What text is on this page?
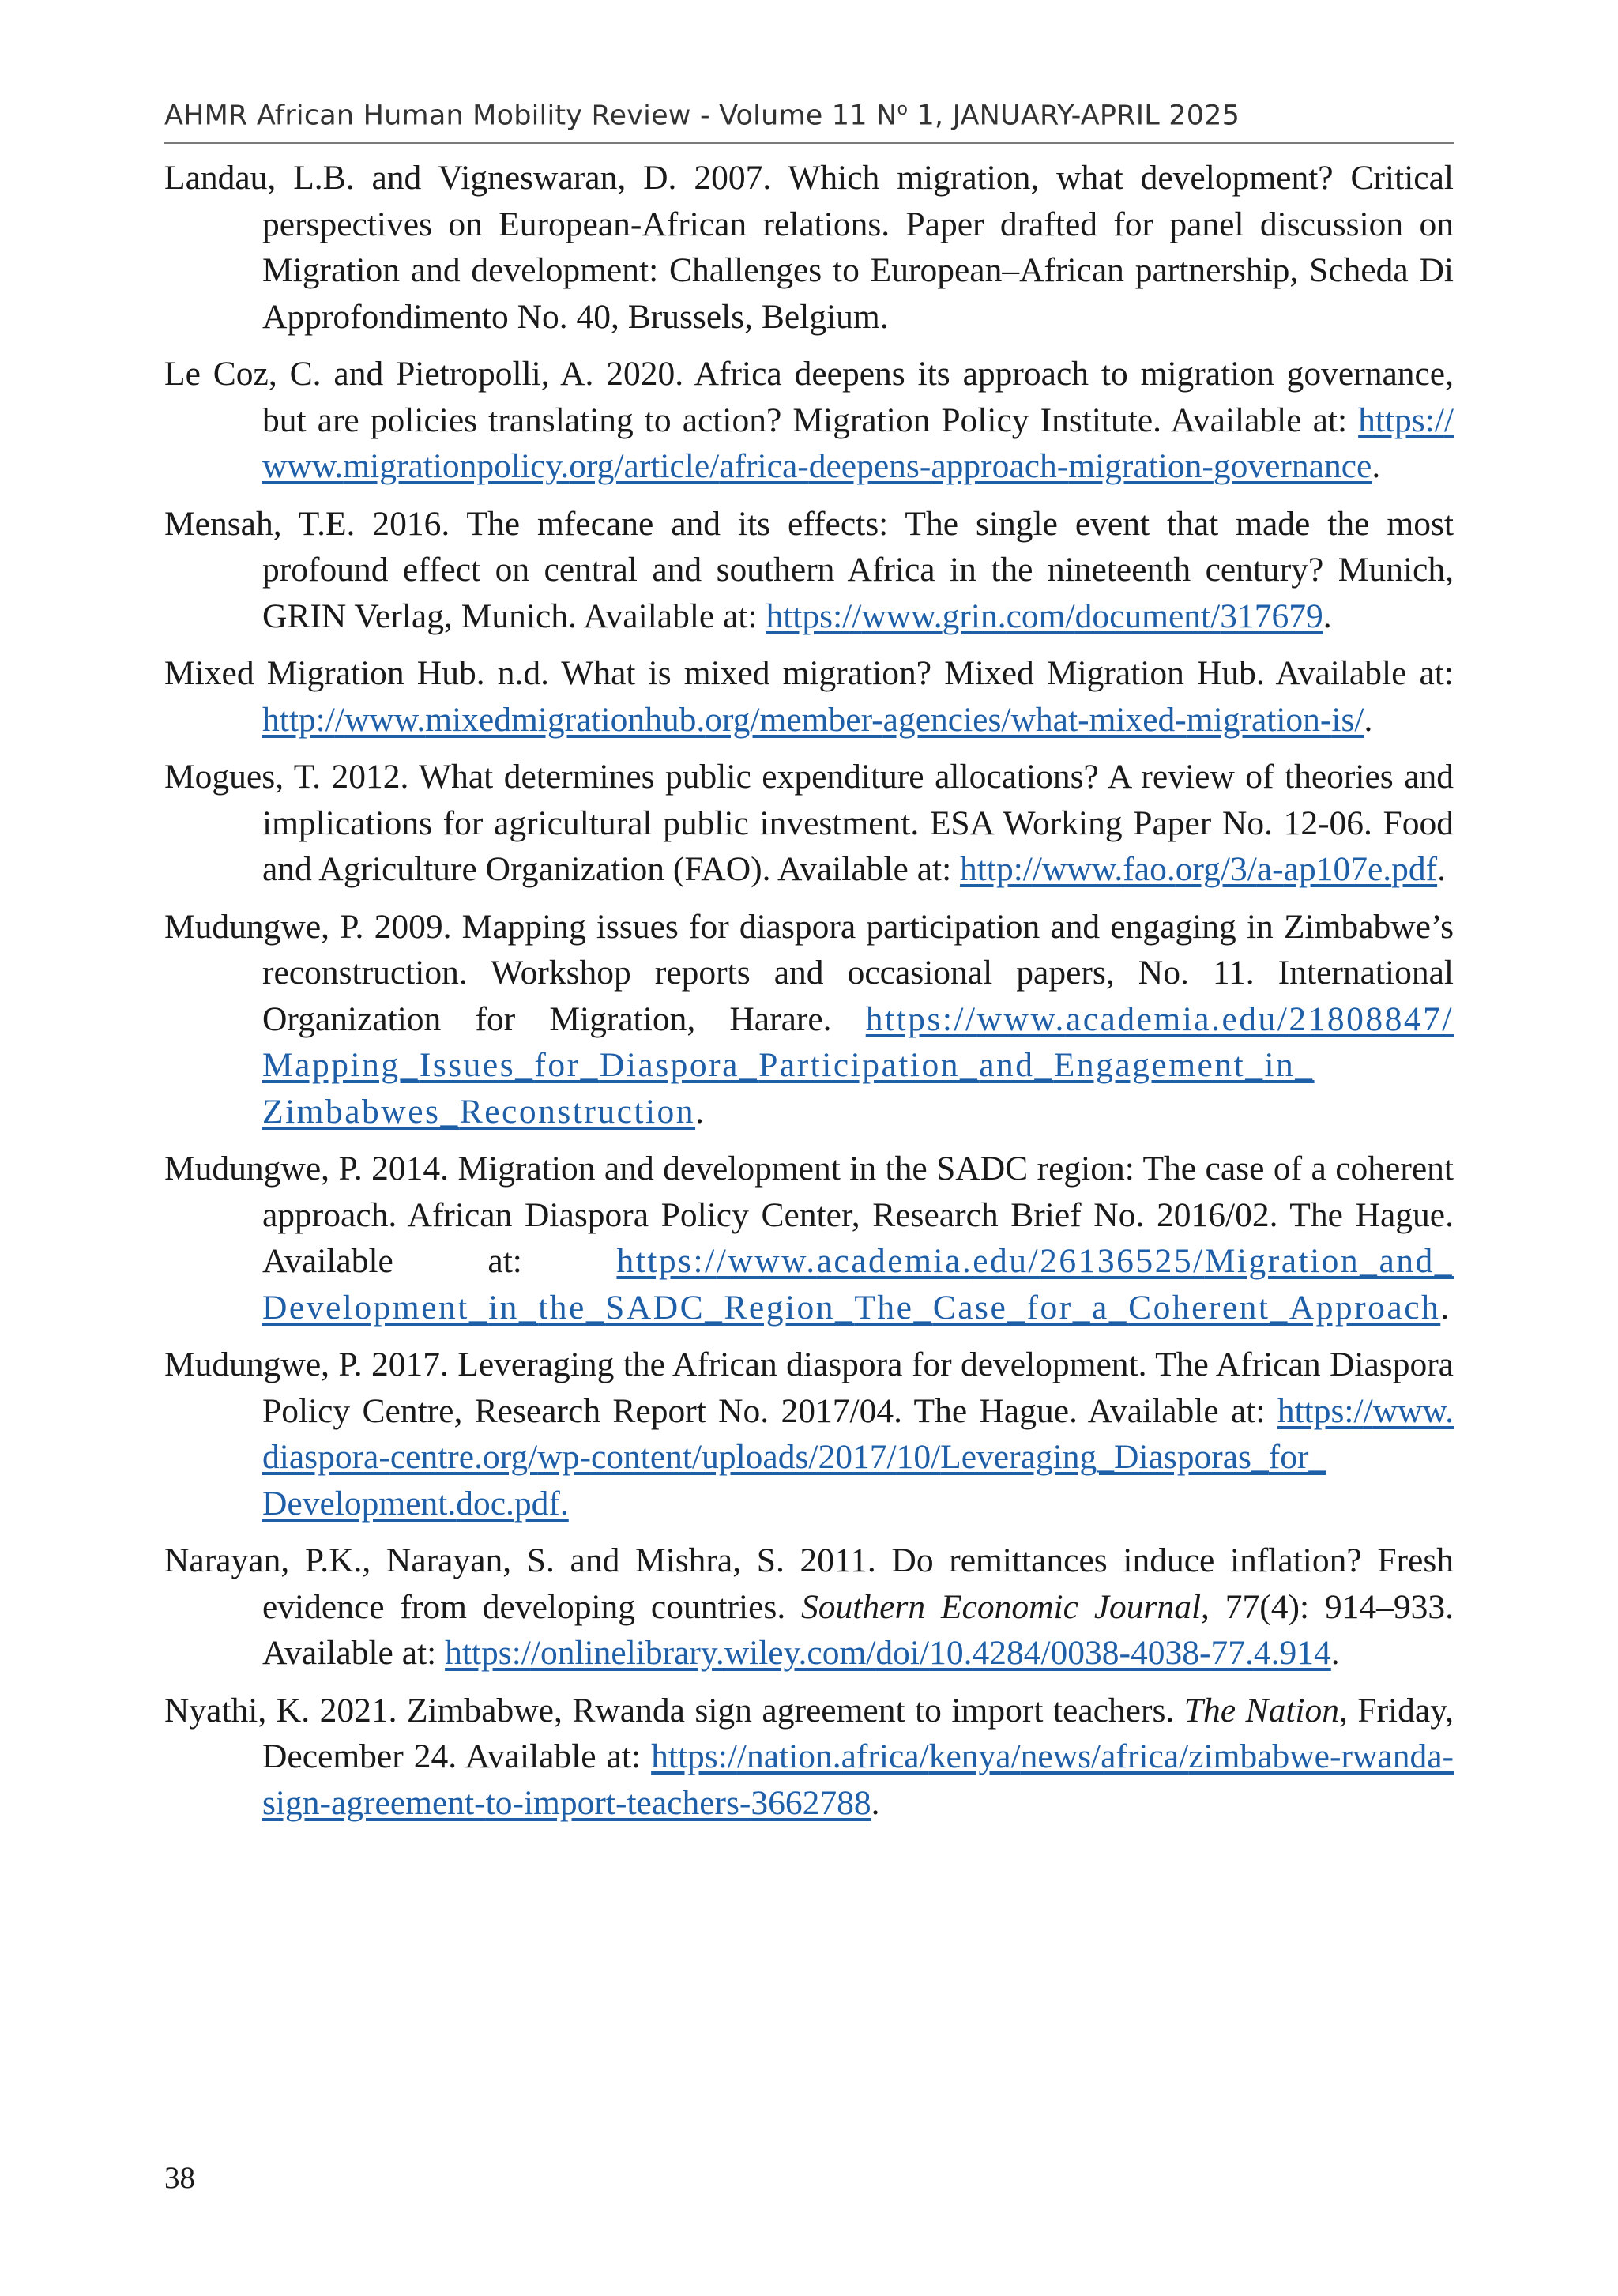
AHMR African Human Mobility Review - Volume 11 $N^o$ 1, JANUARY-APRIL 2025
Landau, L.B. and Vigneswaran, D. 2007. Which migration, what development? Critical perspectives on European-African relations. Paper drafted for panel discussion on Migration and development: Challenges to European–African partnership, Scheda Di Approfondimento No. 40, Brussels, Belgium.
Le Coz, C. and Pietropolli, A. 2020. Africa deepens its approach to migration governance, but are policies translating to action? Migration Policy Institute. Available at: https://www.migrationpolicy.org/article/africa-deepens-approach-migration-governance.
Mensah, T.E. 2016. The mfecane and its effects: The single event that made the most profound effect on central and southern Africa in the nineteenth century? Munich, GRIN Verlag, Munich. Available at: https://www.grin.com/document/317679.
Mixed Migration Hub. n.d. What is mixed migration? Mixed Migration Hub. Available at: http://www.mixedmigrationhub.org/member-agencies/what-mixed-migration-is/.
Mogues, T. 2012. What determines public expenditure allocations? A review of theories and implications for agricultural public investment. ESA Working Paper No. 12-06. Food and Agriculture Organization (FAO). Available at: http://www.fao.org/3/a-ap107e.pdf.
Mudungwe, P. 2009. Mapping issues for diaspora participation and engaging in Zimbabwe’s reconstruction. Workshop reports and occasional papers, No. 11. International Organization for Migration, Harare. https://www.academia.edu/21808847/Mapping_Issues_for_Diaspora_Participation_and_Engagement_in_Zimbabwes_Reconstruction.
Mudungwe, P. 2014. Migration and development in the SADC region: The case of a coherent approach. African Diaspora Policy Center, Research Brief No. 2016/02. The Hague. Available at: https://www.academia.edu/26136525/Migration_and_Development_in_the_SADC_Region_The_Case_for_a_Coherent_Approach.
Mudungwe, P. 2017. Leveraging the African diaspora for development. The African Diaspora Policy Centre, Research Report No. 2017/04. The Hague. Available at: https://www.diaspora-centre.org/wp-content/uploads/2017/10/Leveraging_Diasporas_for_Development.doc.pdf.
Narayan, P.K., Narayan, S. and Mishra, S. 2011. Do remittances induce inflation? Fresh evidence from developing countries. Southern Economic Journal, 77(4): 914–933. Available at: https://onlinelibrary.wiley.com/doi/10.4284/0038-4038-77.4.914.
Nyathi, K. 2021. Zimbabwe, Rwanda sign agreement to import teachers. The Nation, Friday, December 24. Available at: https://nation.africa/kenya/news/africa/zimbabwe-rwanda-sign-agreement-to-import-teachers-3662788.
38
